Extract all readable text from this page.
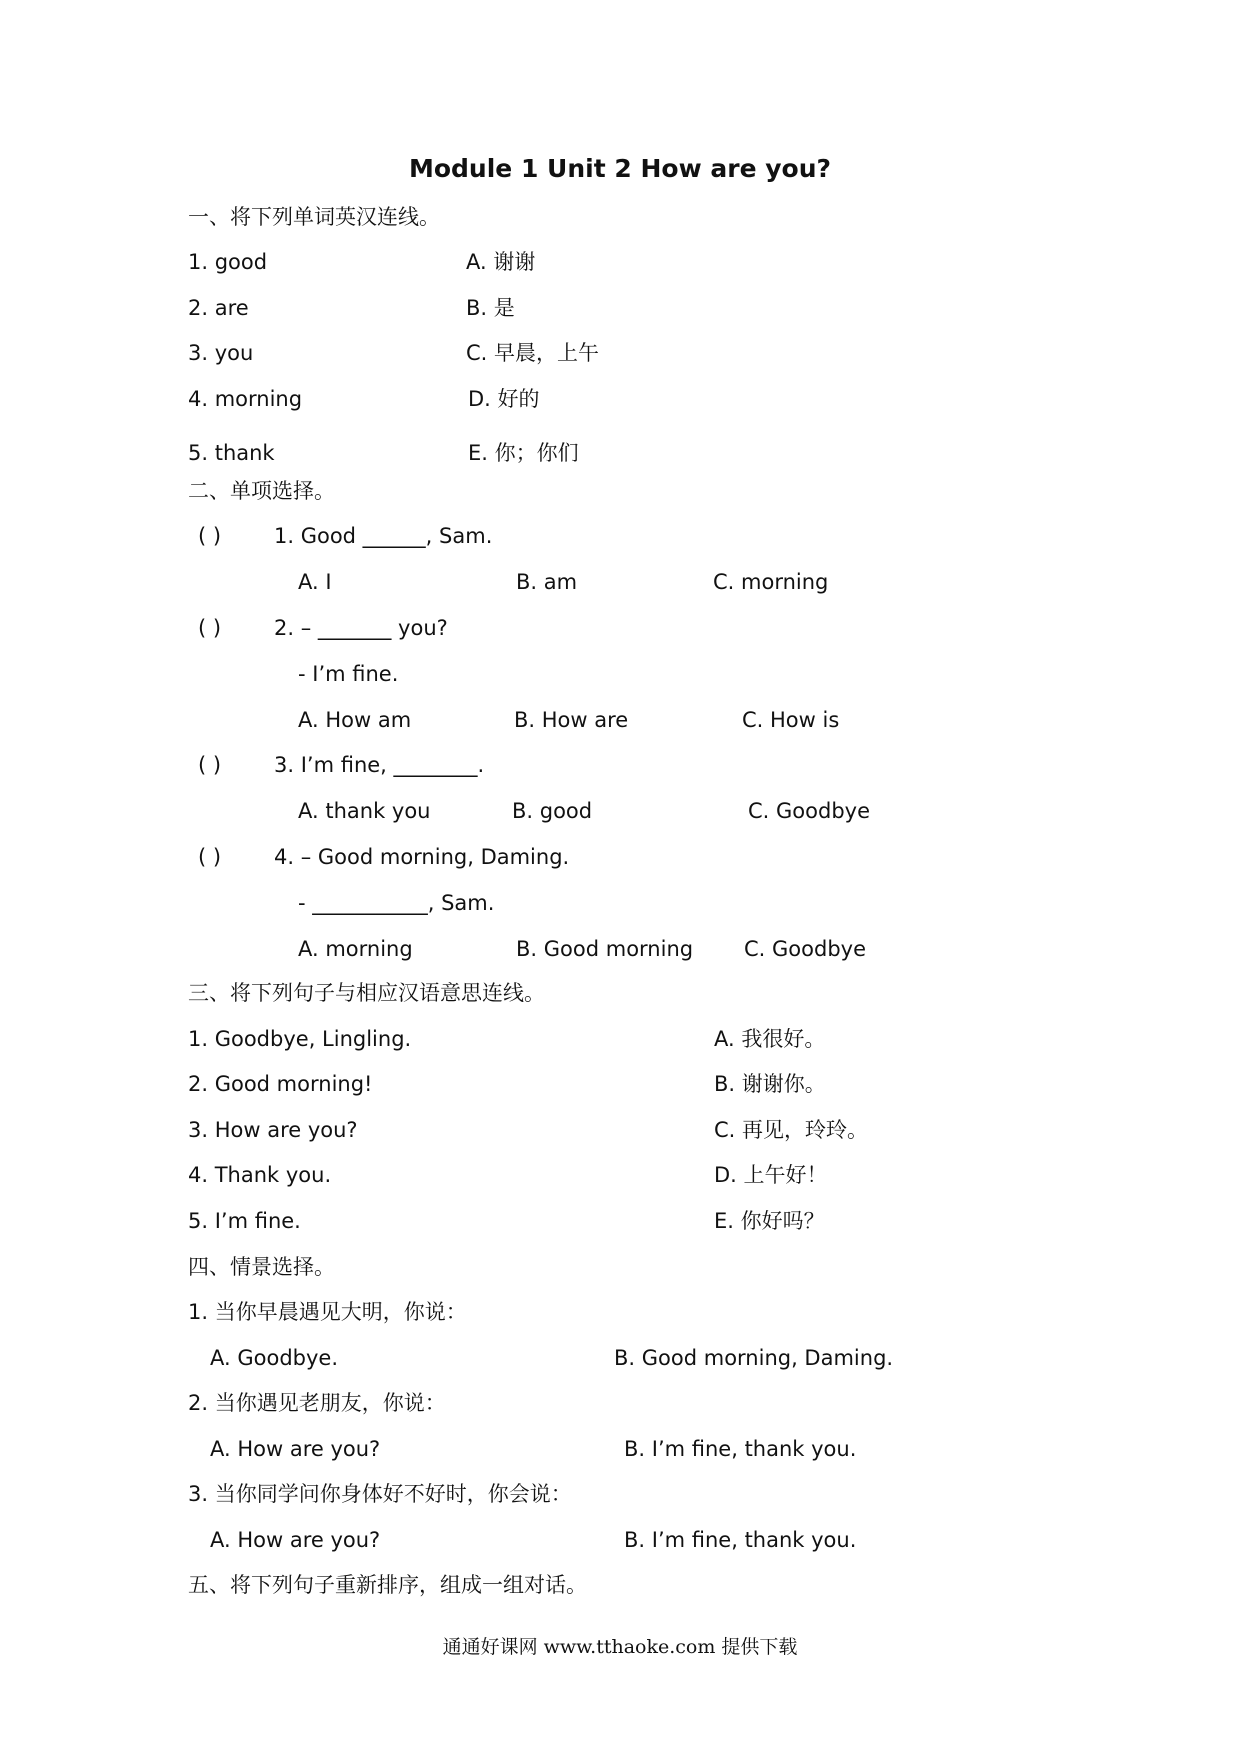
Module 1 Unit 2 How are you?
一、将下列单词英汉连线。
1. good	A. 谢谢
2. are	B. 是
3. you	C. 早晨，上午
4. morning	D. 好的
5. thank	E. 你；你们
二、单项选择。
( )	1. Good ______, Sam.
A. I	B. am	C. morning
( )	2. – _______ you?
- I’m fine.
A. How am	B. How are	C. How is
( )	3. I’m fine, ________.
A. thank you	B. good	C. Goodbye
( )	4. – Good morning, Daming.
- ___________, Sam.
A. morning	B. Good morning C. Goodbye
三、将下列句子与相应汉语意思连线。
1. Goodbye, Lingling.	A. 我很好。
2. Good morning!	B. 谢谢你。
3. How are you?	C. 再见，玲玲。
4. Thank you.	D. 上午好！
5. I’m fine.	E. 你好吗？
四、情景选择。
1. 当你早晨遇见大明，你说：
A. Goodbye.	B. Good morning, Daming.
2. 当你遇见老朋友，你说：
A. How are you?	B. I’m fine, thank you.
3. 当你同学问你身体好不好时，你会说：
A. How are you?	B. I’m fine, thank you.
五、将下列句子重新排序，组成一组对话。
通通好课网 www.tthaoke.com 提供下载
